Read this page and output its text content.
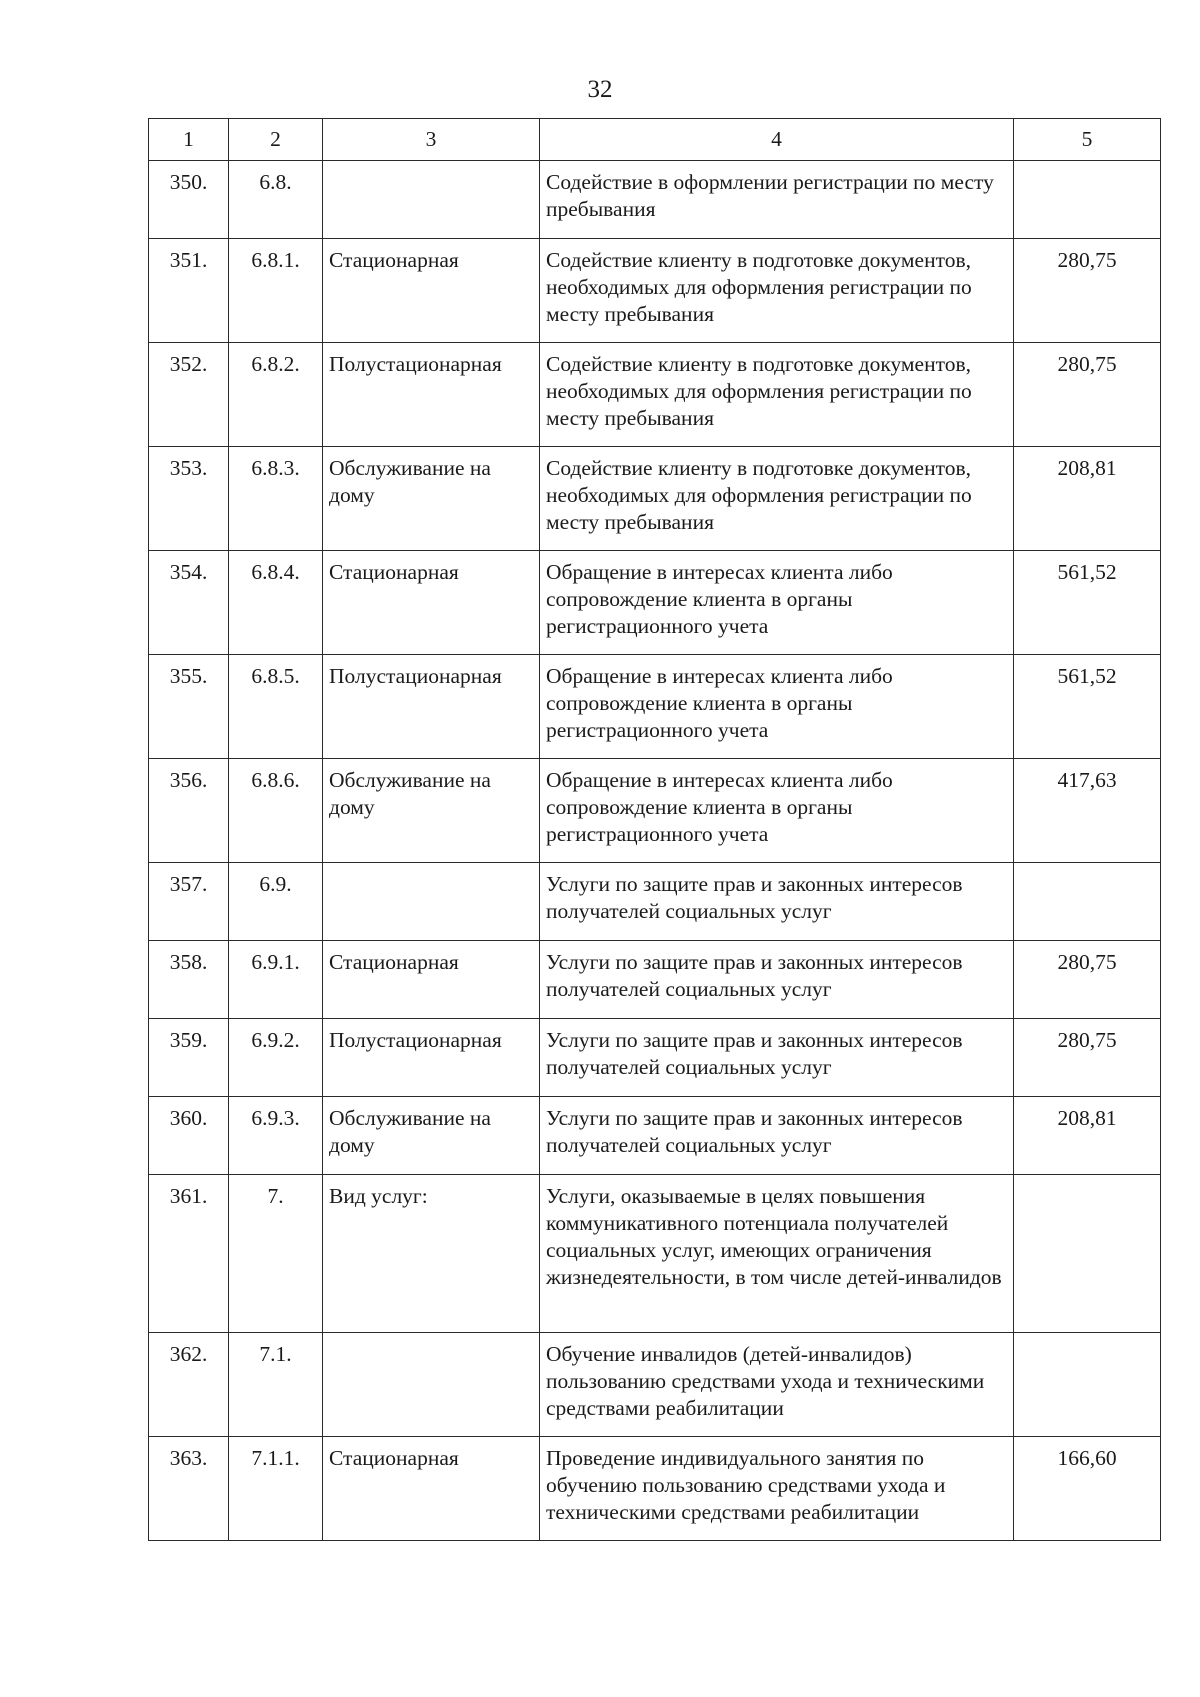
32
1	2	3	4	5
350.	6.8.		Содействие в оформлении регистрации по месту пребывания	
351.	6.8.1.	Стационарная	Содействие клиенту в подготовке документов, необходимых для оформления регистрации по месту пребывания	280,75
352.	6.8.2.	Полустационарная	Содействие клиенту в подготовке документов, необходимых для оформления регистрации по месту пребывания	280,75
353.	6.8.3.	Обслуживание на дому	Содействие клиенту в подготовке документов, необходимых для оформления регистрации по месту пребывания	208,81
354.	6.8.4.	Стационарная	Обращение в интересах клиента либо сопровождение клиента в органы регистрационного учета	561,52
355.	6.8.5.	Полустационарная	Обращение в интересах клиента либо сопровождение клиента в органы регистрационного учета	561,52
356.	6.8.6.	Обслуживание на дому	Обращение в интересах клиента либо сопровождение клиента в органы регистрационного учета	417,63
357.	6.9.		Услуги по защите прав и законных интересов получателей социальных услуг	
358.	6.9.1.	Стационарная	Услуги по защите прав и законных интересов получателей социальных услуг	280,75
359.	6.9.2.	Полустационарная	Услуги по защите прав и законных интересов получателей социальных услуг	280,75
360.	6.9.3.	Обслуживание на дому	Услуги по защите прав и законных интересов получателей социальных услуг	208,81
361.	7.	Вид услуг:	Услуги, оказываемые в целях повышения коммуникативного потенциала получателей социальных услуг, имеющих ограничения жизнедеятельности, в том числе детей-инвалидов	
362.	7.1.		Обучение инвалидов (детей-инвалидов) пользованию средствами ухода и техническими средствами реабилитации	
363.	7.1.1.	Стационарная	Проведение индивидуального занятия по обучению пользованию средствами ухода и техническими средствами реабилитации	166,60
